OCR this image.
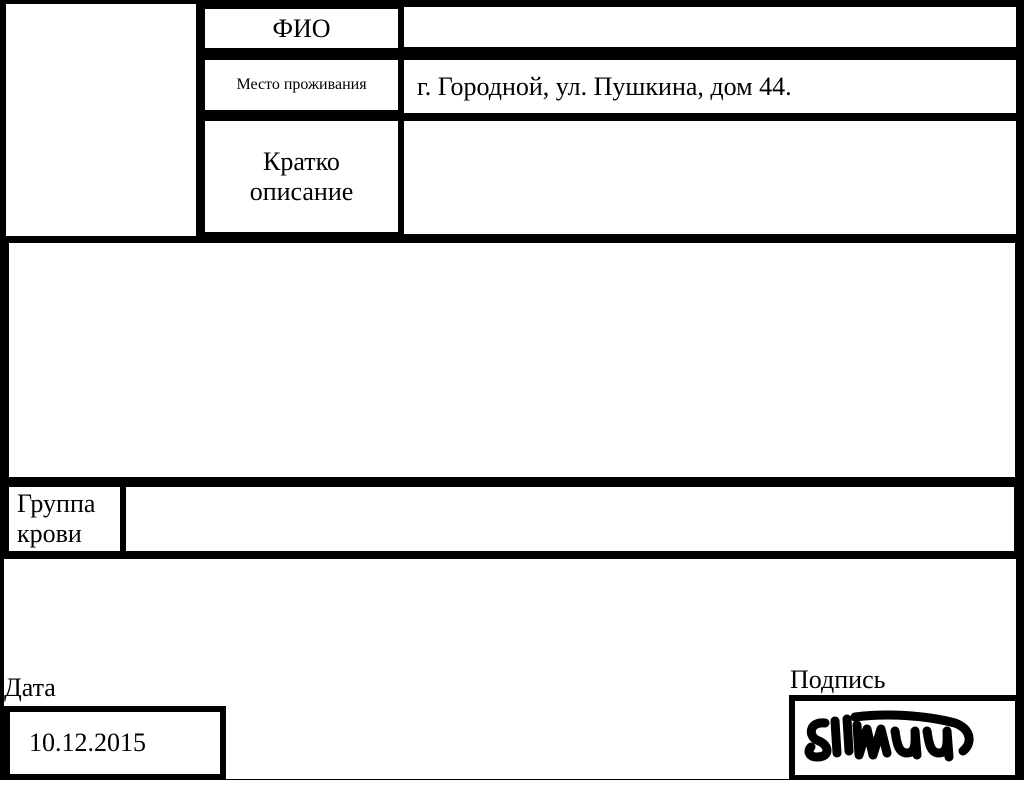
ФИО
Место проживания	г. Городной, ул. Пушкина, дом 44.
Кратко
описание
Группа
крови
Дата
10.12.2015
Подпись
